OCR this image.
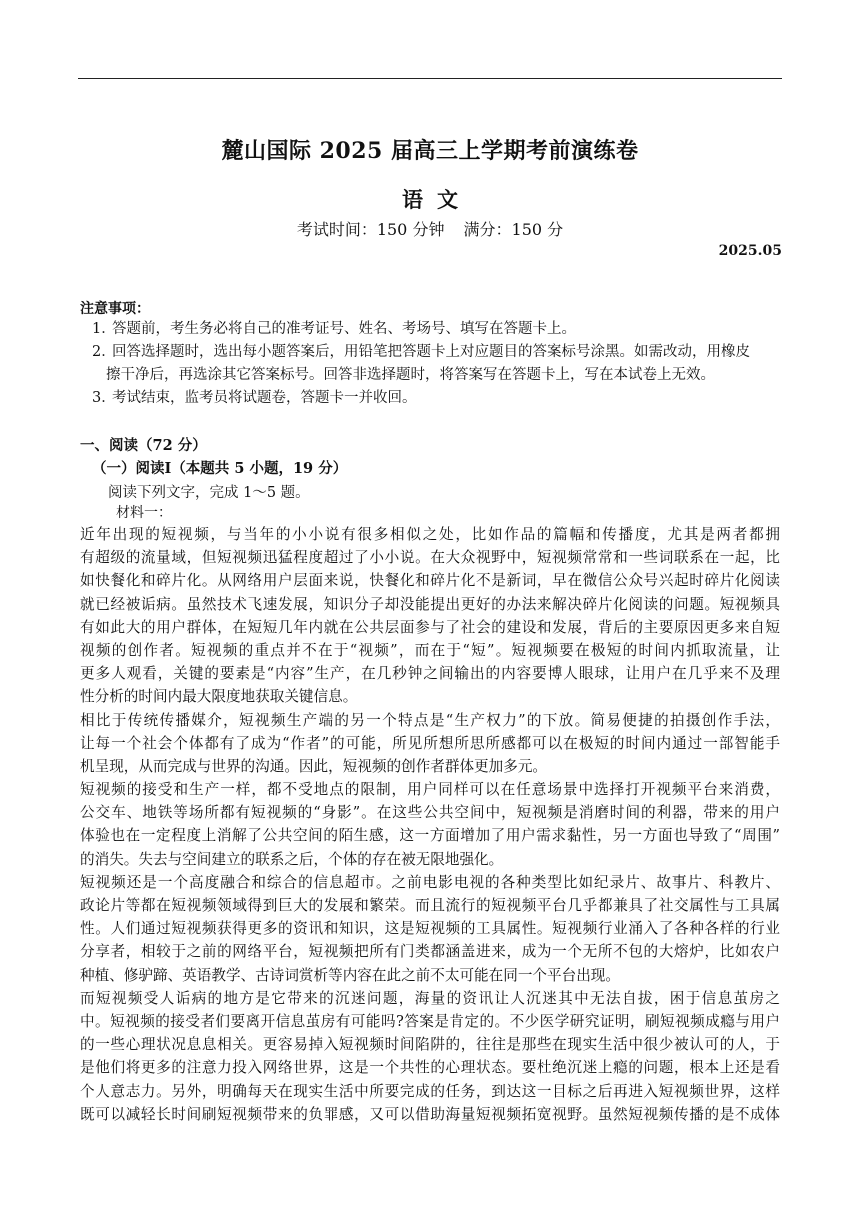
麓山国际 2025 届高三上学期考前演练卷
语文
考试时间：150 分钟 满分：150 分
2025.05
注意事项：
1．答题前，考生务必将自己的准考证号、姓名、考场号、填写在答题卡上。
2．回答选择题时，选出每小题答案后，用铅笔把答题卡上对应题目的答案标号涂黑。如需改动，用橡皮
擦干净后，再选涂其它答案标号。回答非选择题时，将答案写在答题卡上，写在本试卷上无效。
3．考试结束，监考员将试题卷，答题卡一并收回。
一、阅读（72 分）
（一）阅读Ⅰ（本题共 5 小题，19 分）
阅读下列文字，完成 1～5 题。
材料一：
近年出现的短视频，与当年的小小说有很多相似之处，比如作品的篇幅和传播度，尤其是两者都拥
有超级的流量域，但短视频迅猛程度超过了小小说。在大众视野中，短视频常常和一些词联系在一起，比
如快餐化和碎片化。从网络用户层面来说，快餐化和碎片化不是新词，早在微信公众号兴起时碎片化阅读
就已经被诟病。虽然技术飞速发展，知识分子却没能提出更好的办法来解决碎片化阅读的问题。短视频具
有如此大的用户群体，在短短几年内就在公共层面参与了社会的建设和发展，背后的主要原因更多来自短
视频的创作者。短视频的重点并不在于“视频”，而在于“短”。短视频要在极短的时间内抓取流量，让
更多人观看，关键的要素是“内容”生产，在几秒钟之间输出的内容要博人眼球，让用户在几乎来不及理
性分析的时间内最大限度地获取关键信息。
相比于传统传播媒介，短视频生产端的另一个特点是“生产权力”的下放。简易便捷的拍摄创作手法，
让每一个社会个体都有了成为“作者”的可能，所见所想所思所感都可以在极短的时间内通过一部智能手
机呈现，从而完成与世界的沟通。因此，短视频的创作者群体更加多元。
短视频的接受和生产一样，都不受地点的限制，用户同样可以在任意场景中选择打开视频平台来消费，
公交车、地铁等场所都有短视频的“身影”。在这些公共空间中，短视频是消磨时间的利器，带来的用户
体验也在一定程度上消解了公共空间的陌生感，这一方面增加了用户需求黏性，另一方面也导致了“周围”
的消失。失去与空间建立的联系之后，个体的存在被无限地强化。
短视频还是一个高度融合和综合的信息超市。之前电影电视的各种类型比如纪录片、故事片、科教片、
政论片等都在短视频领域得到巨大的发展和繁荣。而且流行的短视频平台几乎都兼具了社交属性与工具属
性。人们通过短视频获得更多的资讯和知识，这是短视频的工具属性。短视频行业涌入了各种各样的行业
分享者，相较于之前的网络平台，短视频把所有门类都涵盖进来，成为一个无所不包的大熔炉，比如农户
种植、修驴蹄、英语教学、古诗词赏析等内容在此之前不太可能在同一个平台出现。
而短视频受人诟病的地方是它带来的沉迷问题，海量的资讯让人沉迷其中无法自拔，困于信息茧房之
中。短视频的接受者们要离开信息茧房有可能吗?答案是肯定的。不少医学研究证明，刷短视频成瘾与用户
的一些心理状况息息相关。更容易掉入短视频时间陷阱的，往往是那些在现实生活中很少被认可的人，于
是他们将更多的注意力投入网络世界，这是一个共性的心理状态。要杜绝沉迷上瘾的问题，根本上还是看
个人意志力。另外，明确每天在现实生活中所要完成的任务，到达这一目标之后再进入短视频世界，这样
既可以减轻长时间刷短视频带来的负罪感，又可以借助海量短视频拓宽视野。虽然短视频传播的是不成体
